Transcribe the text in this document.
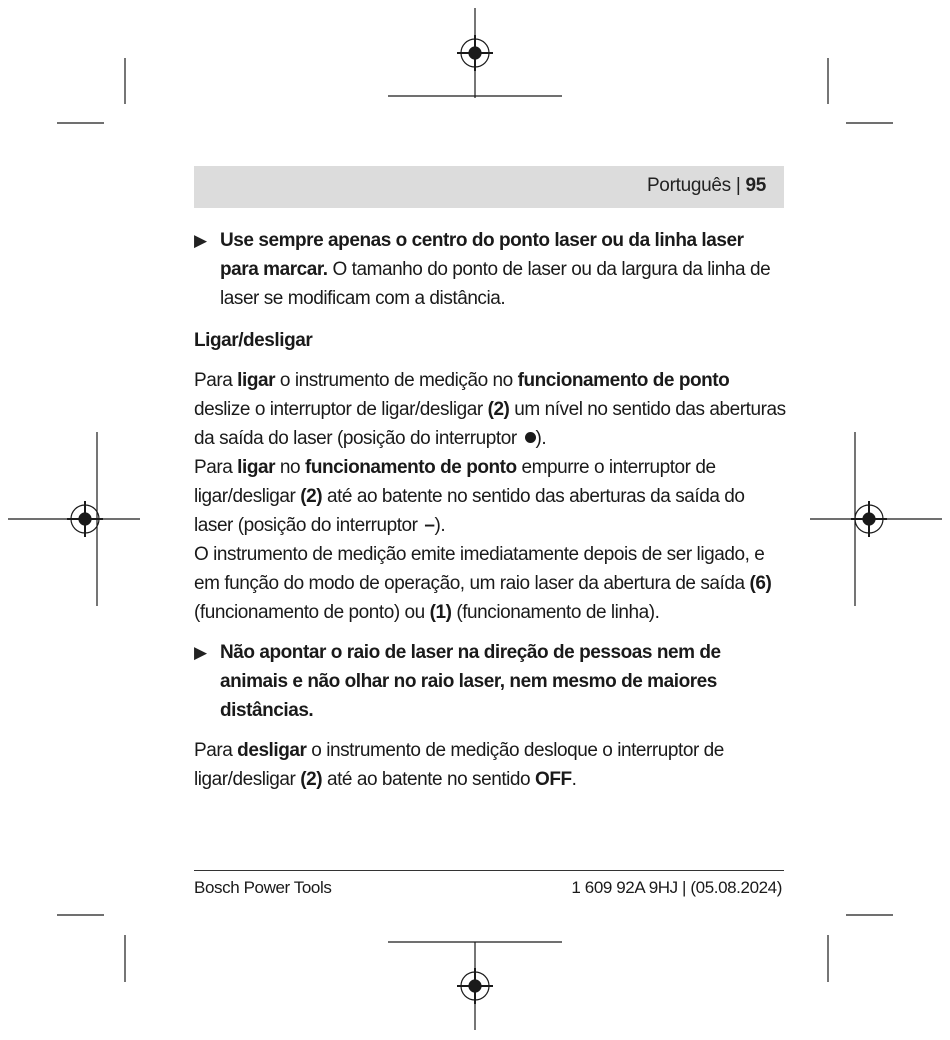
Português | 95
▶ Use sempre apenas o centro do ponto laser ou da linha laser para marcar. O tamanho do ponto de laser ou da largura da linha de laser se modificam com a distância.

Ligar/desligar

Para ligar o instrumento de medição no funcionamento de ponto deslize o interruptor de ligar/desligar (2) um nível no sentido das aberturas da saída do laser (posição do interruptor ).

Para ligar no funcionamento de ponto empurre o interruptor de ligar/desligar (2) até ao batente no sentido das aberturas da saída do laser (posição do interruptor –).

O instrumento de medição emite imediatamente depois de ser ligado, e em função do modo de operação, um raio laser da abertura de saída (6) (funcionamento de ponto) ou (1) (funcionamento de linha).

▶ Não apontar o raio de laser na direção de pessoas nem de animais e não olhar no raio laser, nem mesmo de maiores distâncias.

Para desligar o instrumento de medição desloque o interruptor de ligar/desligar (2) até ao batente no sentido OFF.

Bosch Power Tools	1 609 92A 9HJ | (05.08.2024)
